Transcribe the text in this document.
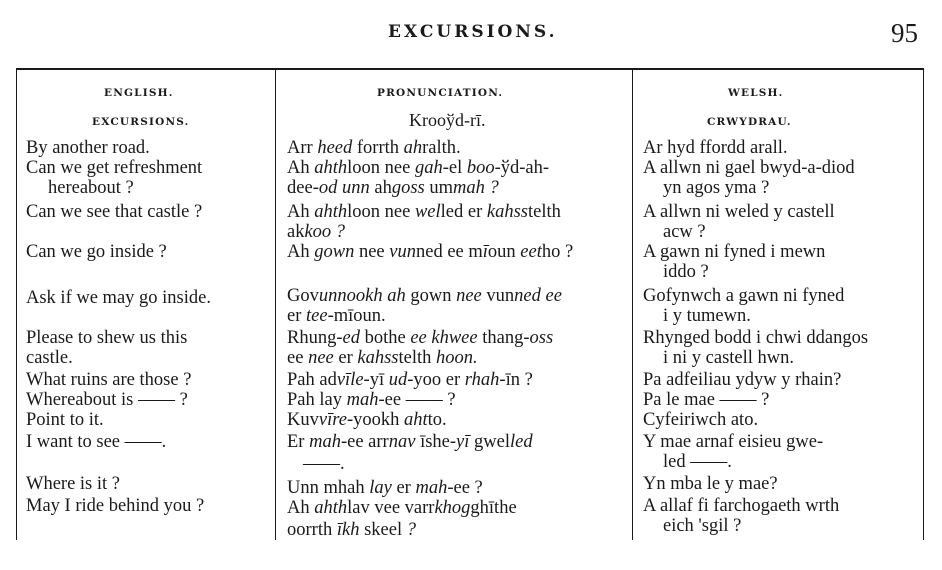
EXCURSIONS.	95
ENGLISH.
EXCURSIONS.
By another road.
Can we get refreshment
hereabout ?
Can we see that castle ?
Can we go inside ?
Ask if we may go inside.
Please to shew us this
castle.
What ruins are those ?
Whereabout is —— ?
Point to it.
I want to see ——.
Where is it ?
May I ride behind you ?
PRONUNCIATION.
Krooўd-rī.
Arr heed forrth ahralth.
Ah ahthloon nee gah-el boo-ўd-ah-
dee-od unn ahgoss ummah ?
Ah ahthloon nee welled er kahsstelth
akkoo ?
Ah gown nee vunned ee mīoun eetho ?
Govunnookh ah gown nee vunned ee
er tee-mīoun.
Rhung-ed bothe ee khwee thang-oss
ee nee er kahsstelth hoon.
Pah advīle-yī ud-yoo er rhah-īn ?
Pah lay mah-ee —— ?
Kuvvīre-yookh ahtto.
Er mah-ee arrnav īshe-yī gwelled
——.
Unn mhah lay er mah-ee ?
Ah ahthlav vee varrkhogghīthe
oorrth īkh skeel ?
WELSH.
CRWYDRAU.
Ar hyd ffordd arall.
A allwn ni gael bwyd-a-diod
yn agos yma ?
A allwn ni weled y castell
acw ?
A gawn ni fyned i mewn
iddo ?
Gofynwch a gawn ni fyned
i y tumewn.
Rhynged bodd i chwi ddangos
i ni y castell hwn.
Pa adfeiliau ydyw y rhain?
Pa le mae —— ?
Cyfeiriwch ato.
Y mae arnaf eisieu gwe-
led ——.
Yn mba le y mae?
A allaf fi farchogaeth wrth
eich 'sgil ?
